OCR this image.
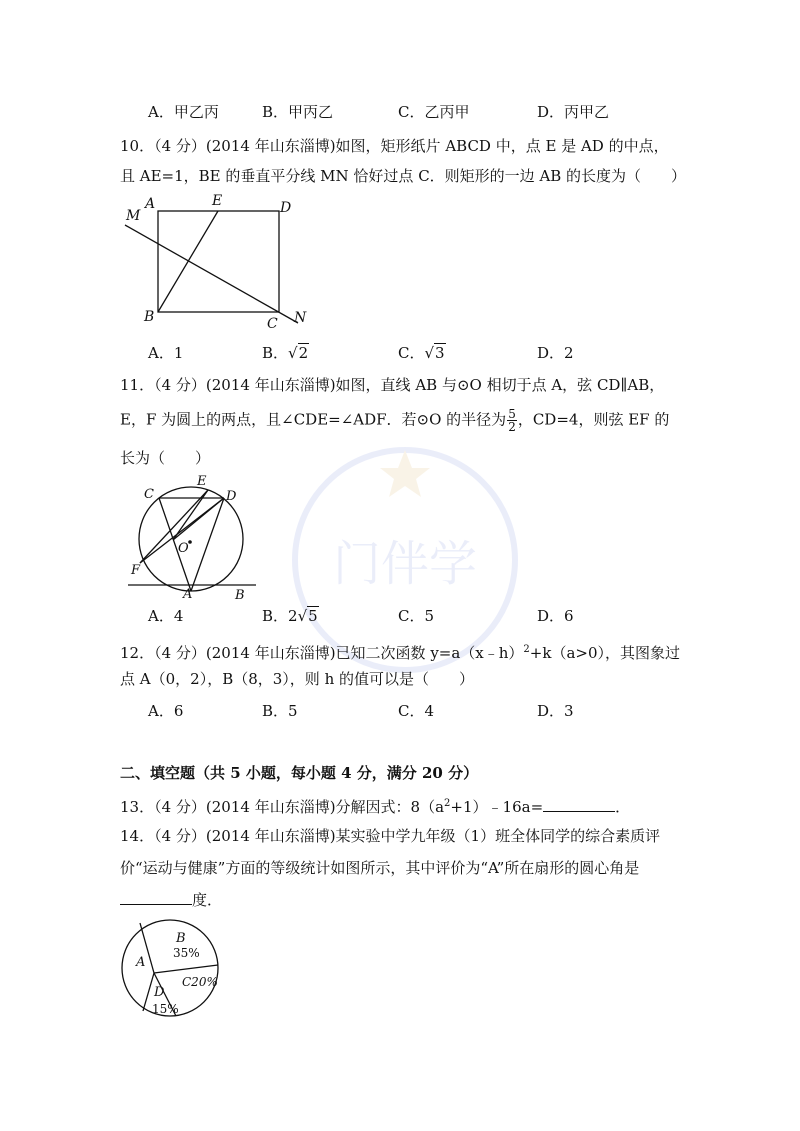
门伴学
A．甲乙丙	B．甲丙乙	C．乙丙甲	D．丙甲乙
10．（4 分）(2014 年山东淄博)如图，矩形纸片 ABCD 中，点 E 是 AD 的中点，
且 AE=1，BE 的垂直平分线 MN 恰好过点 C．则矩形的一边 AB 的长度为（　　）
A	E	D
M
B	C N
A．1	B．√2	C．√3	D．2
11．（4 分）(2014 年山东淄博)如图，直线 AB 与⊙O 相切于点 A，弦 CD∥AB，
E，F 为圆上的两点，且∠CDE=∠ADF．若⊙O 的半径为 $\frac{5}{2}$ ，CD=4，则弦 EF 的
长为（　　）
C
E
D
O
F
A	B
A．4	B．2√5	C．5	D．6
12．（4 分）(2014 年山东淄博)已知二次函数 y=a（x﹣h）$^2$+k（a>0），其图象过
点 A（0，2），B（8，3），则 h 的值可以是（　　）
A．6	B．5	C．4	D．3
二、填空题（共 5 小题，每小题 4 分，满分 20 分）
13．（4 分）(2014 年山东淄博)分解因式：$8(a^2+1)﹣16a=$	．
14．（4 分）(2014 年山东淄博)某实验中学九年级（1）班全体同学的综合素质评
价“运动与健康”方面的等级统计如图所示，其中评价为“A”所在扇形的圆心角是
度．
A
B
35%
C20%
D
15%
